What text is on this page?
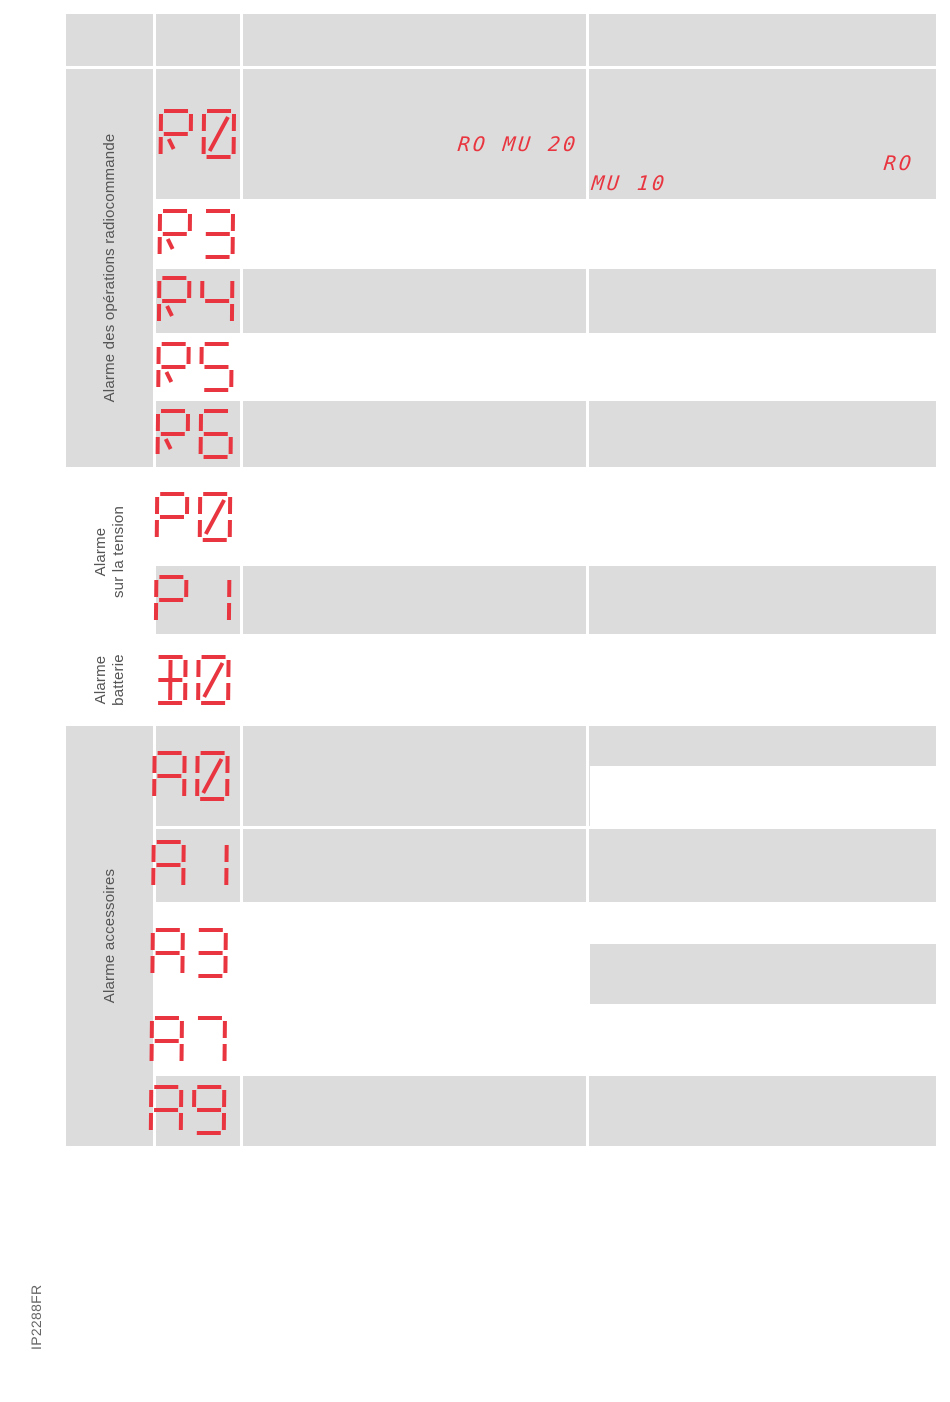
Alarme des opérations radiocommande
Alarme
sur la tension
Alarme
batterie
Alarme accessoires
RO MU 20
RO
MU 10
IP2288FR
